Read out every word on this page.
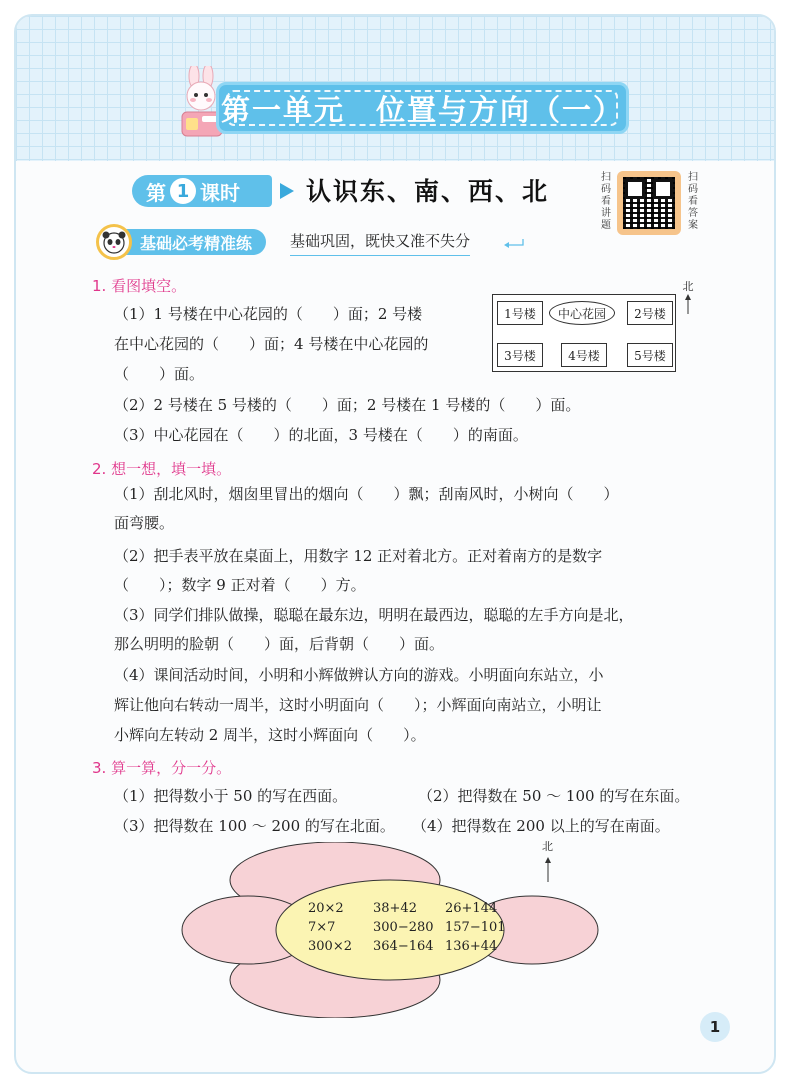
第一单元　位置与方向（一）
第 1 课时	认识东、南、西、北	扫码看讲题
扫码看答案
基础必考精准练	基础巩固，既快又准不失分
1. 看图填空。
（1）1 号楼在中心花园的（　　）面；2 号楼
在中心花园的（　　）面；4 号楼在中心花园的
（　　）面。
（2）2 号楼在 5 号楼的（　　）面；2 号楼在 1 号楼的（　　）面。
（3）中心花园在（　　）的北面，3 号楼在（　　）的南面。
1号楼	中心花园	2号楼
3号楼	4号楼	5号楼
北
2. 想一想，填一填。
（1）刮北风时，烟囱里冒出的烟向（　　）飘；刮南风时，小树向（　　）
面弯腰。
（2）把手表平放在桌面上，用数字 12 正对着北方。正对着南方的是数字
（　　）；数字 9 正对着（　　）方。
（3）同学们排队做操，聪聪在最东边，明明在最西边，聪聪的左手方向是北，
那么明明的脸朝（　　）面，后背朝（　　）面。
（4）课间活动时间，小明和小辉做辨认方向的游戏。小明面向东站立，小
辉让他向右转动一周半，这时小明面向（　　）；小辉面向南站立，小明让
小辉向左转动 2 周半，这时小辉面向（　　）。
3. 算一算，分一分。
（1）把得数小于 50 的写在西面。	（2）把得数在 50 ～ 100 的写在东面。
（3）把得数在 100 ～ 200 的写在北面。 （4）把得数在 200 以上的写在南面。
北
20×2 38+42 26+144
7×7	300−280 157−101
300×2 364−164 136+44
1
